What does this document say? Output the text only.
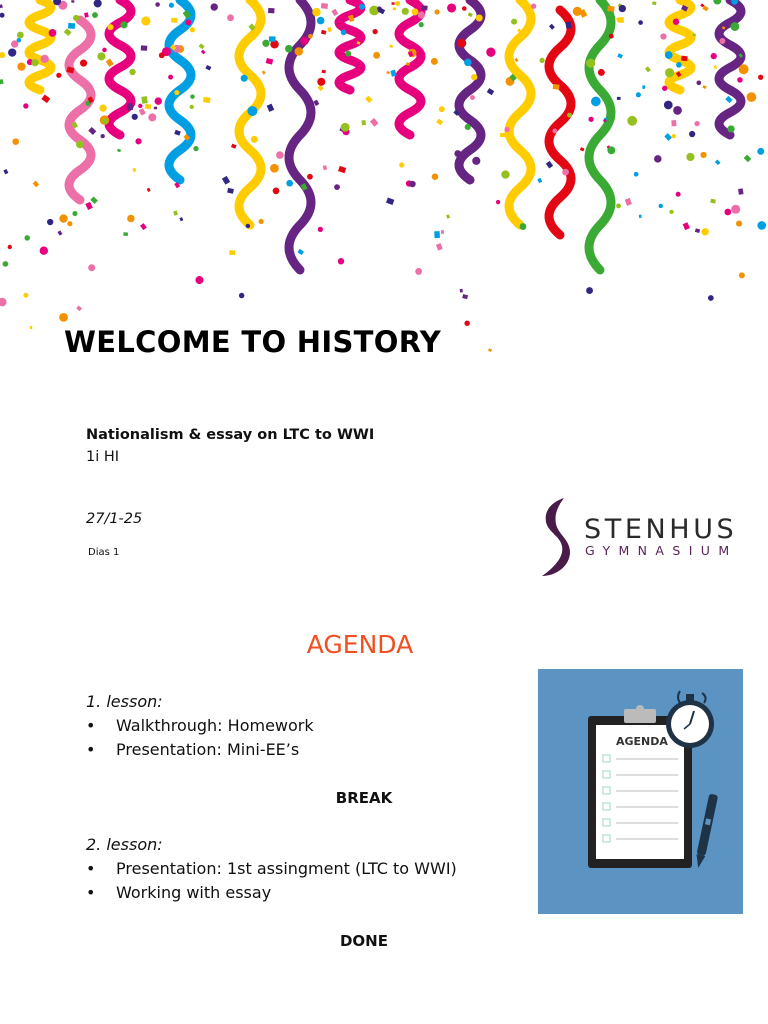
WELCOME TO HISTORY
Nationalism & essay on LTC to WWI
1i HI
27/1-25
Dias 1
STENHUS
GYMNASIUM
AGENDA
1. lesson:
• Walkthrough: Homework
• Presentation: Mini-EE’s
BREAK
2. lesson:
• Presentation: 1st assingment (LTC to WWI)
• Working with essay
DONE
AGENDA
